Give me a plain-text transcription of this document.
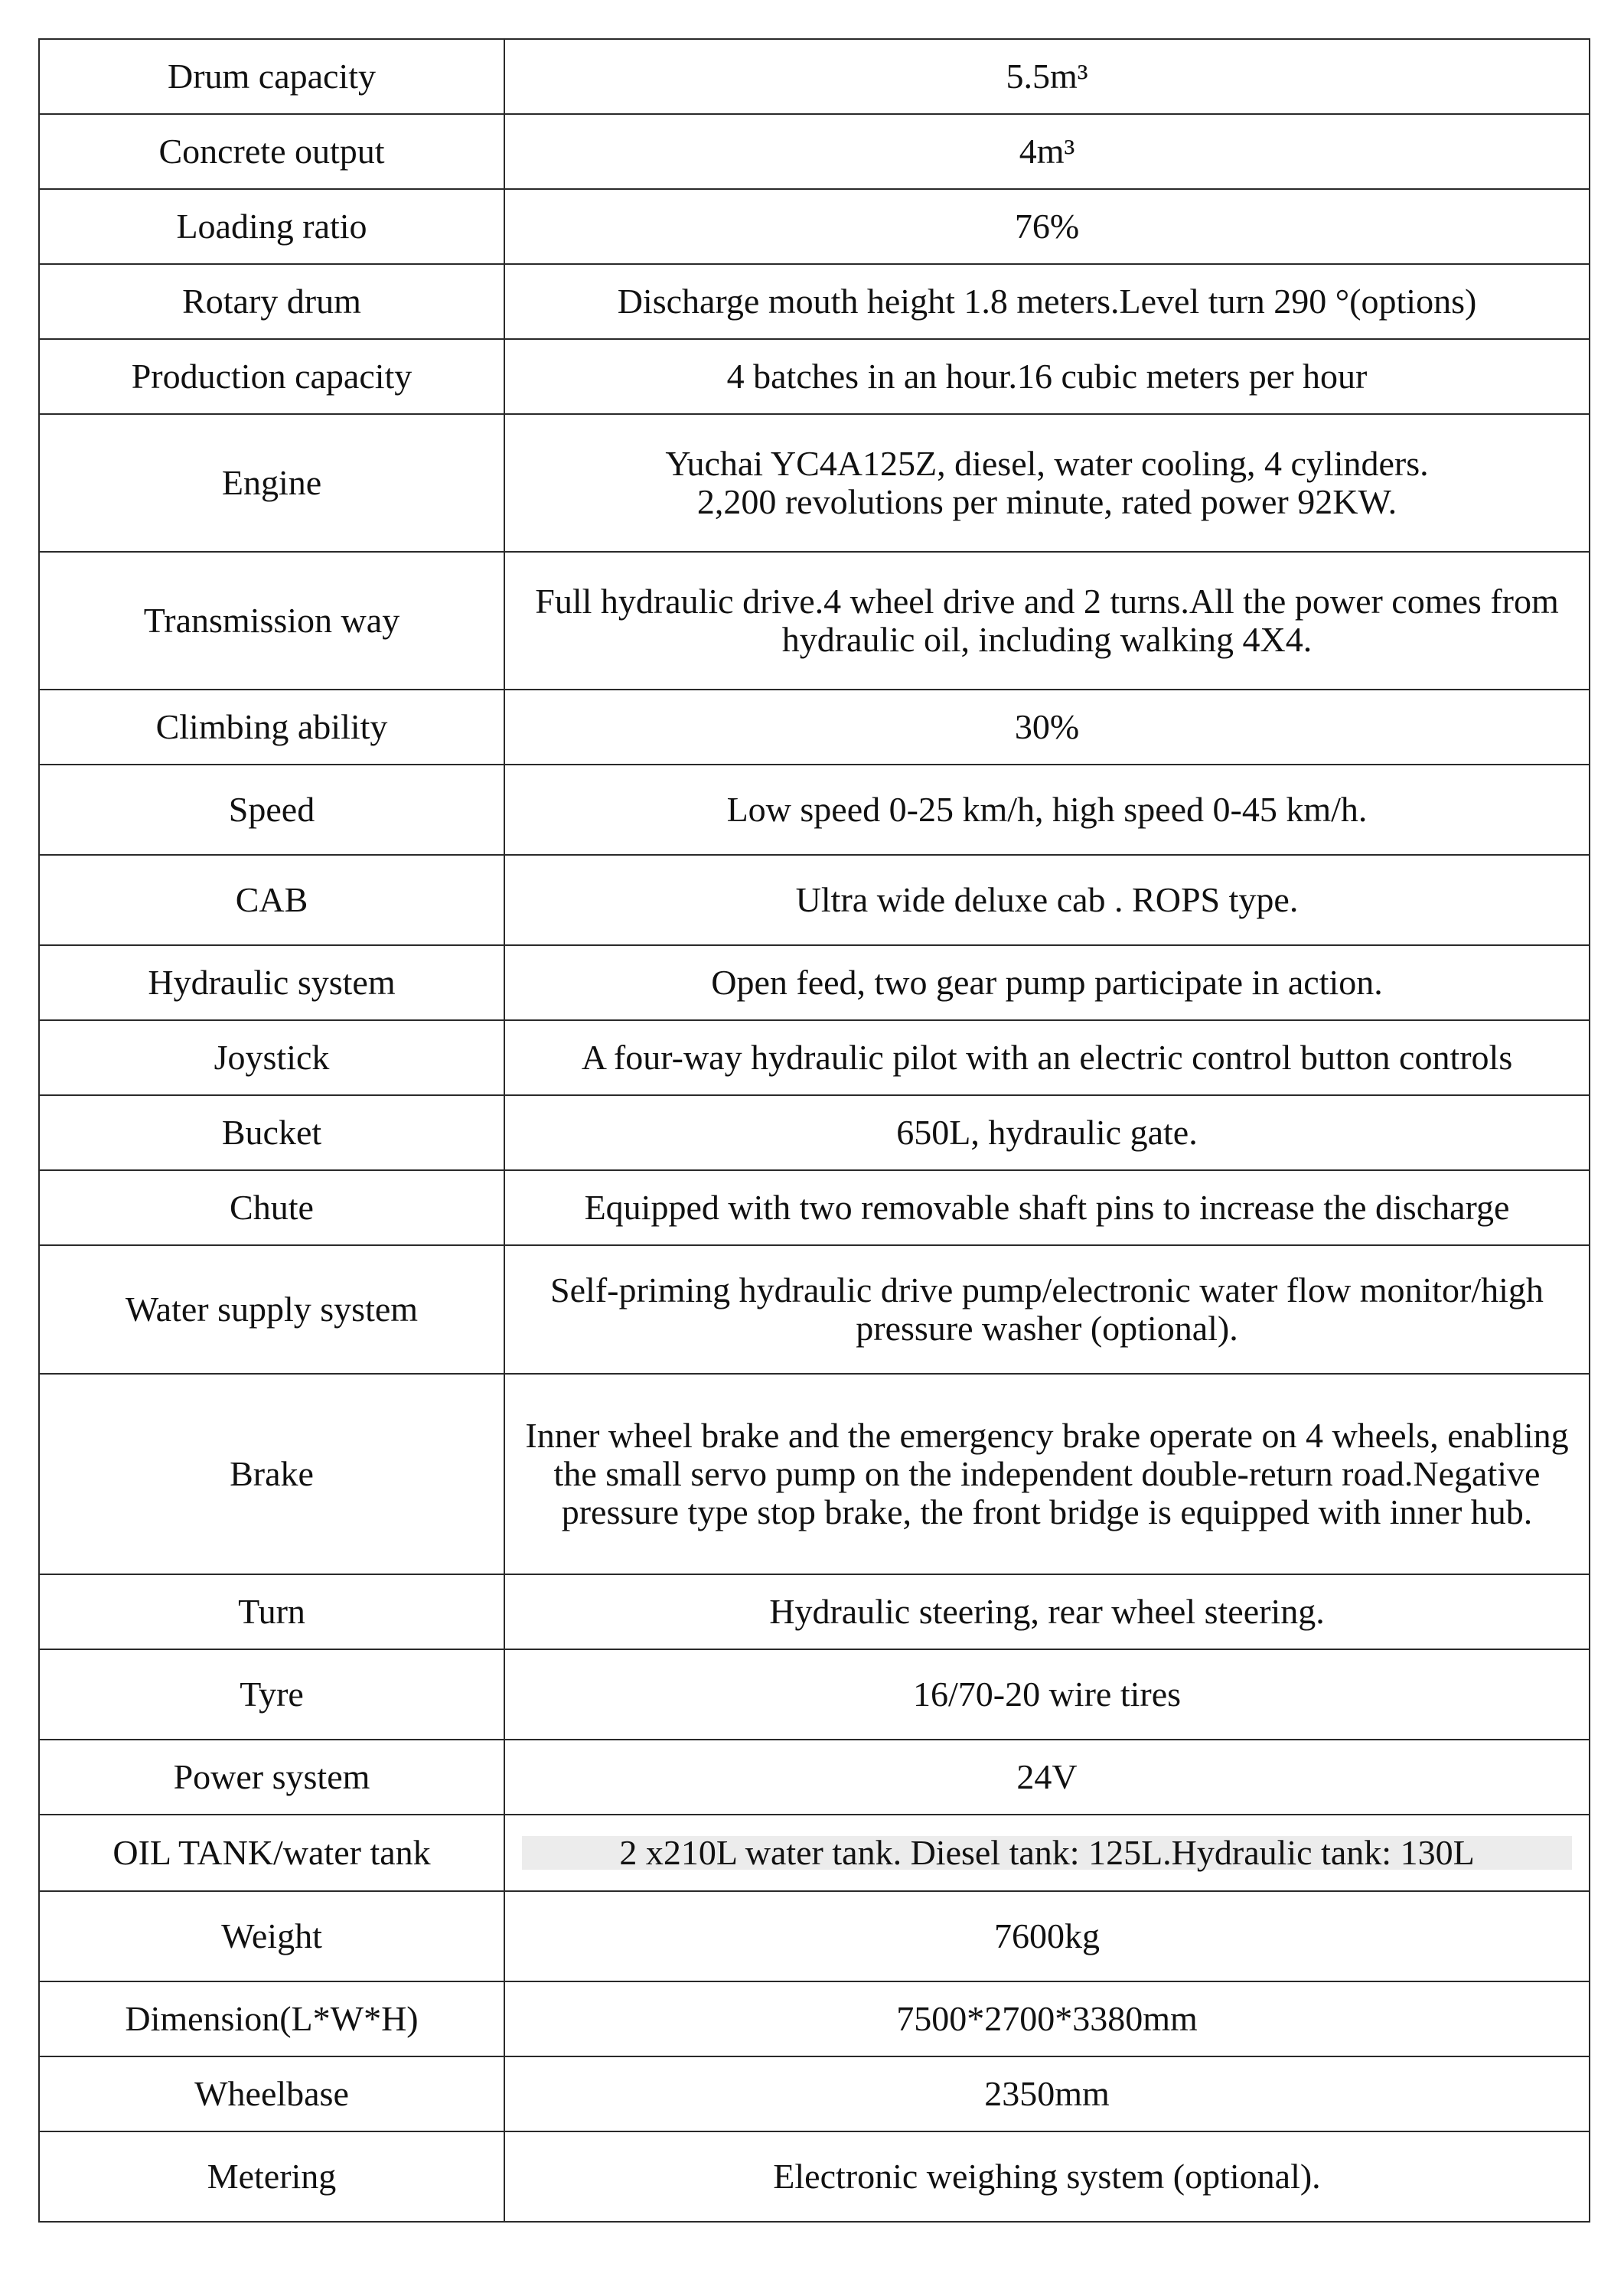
Drum capacity	5.5m³
Concrete output	4m³
Loading ratio	76%
Rotary drum	Discharge mouth height 1.8 meters.Level turn 290 °(options)
Production capacity	4 batches in an hour.16 cubic meters per hour
Engine	Yuchai YC4A125Z, diesel, water cooling, 4 cylinders.
2,200 revolutions per minute, rated power 92KW.
Transmission way	Full hydraulic drive.4 wheel drive and 2 turns.All the power comes from hydraulic oil, including walking 4X4.
Climbing ability	30%
Speed	Low speed 0-25 km/h, high speed 0-45 km/h.
CAB	Ultra wide deluxe cab . ROPS type.
Hydraulic system	Open feed, two gear pump participate in action.
Joystick	A four-way hydraulic pilot with an electric control button controls
Bucket	650L, hydraulic gate.
Chute	Equipped with two removable shaft pins to increase the discharge
Water supply system	Self-priming hydraulic drive pump/electronic water flow monitor/high pressure washer (optional).
Brake	Inner wheel brake and the emergency brake operate on 4 wheels, enabling the small servo pump on the independent double-return road.Negative pressure type stop brake, the front bridge is equipped with inner hub.
Turn	Hydraulic steering, rear wheel steering.
Tyre	16/70-20 wire tires
Power system	24V
OIL TANK/water tank	2 x210L water tank. Diesel tank: 125L.Hydraulic tank: 130L

Weight	7600kg
Dimension(L*W*H)	7500*2700*3380mm
Wheelbase	2350mm
Metering	Electronic weighing system (optional).
